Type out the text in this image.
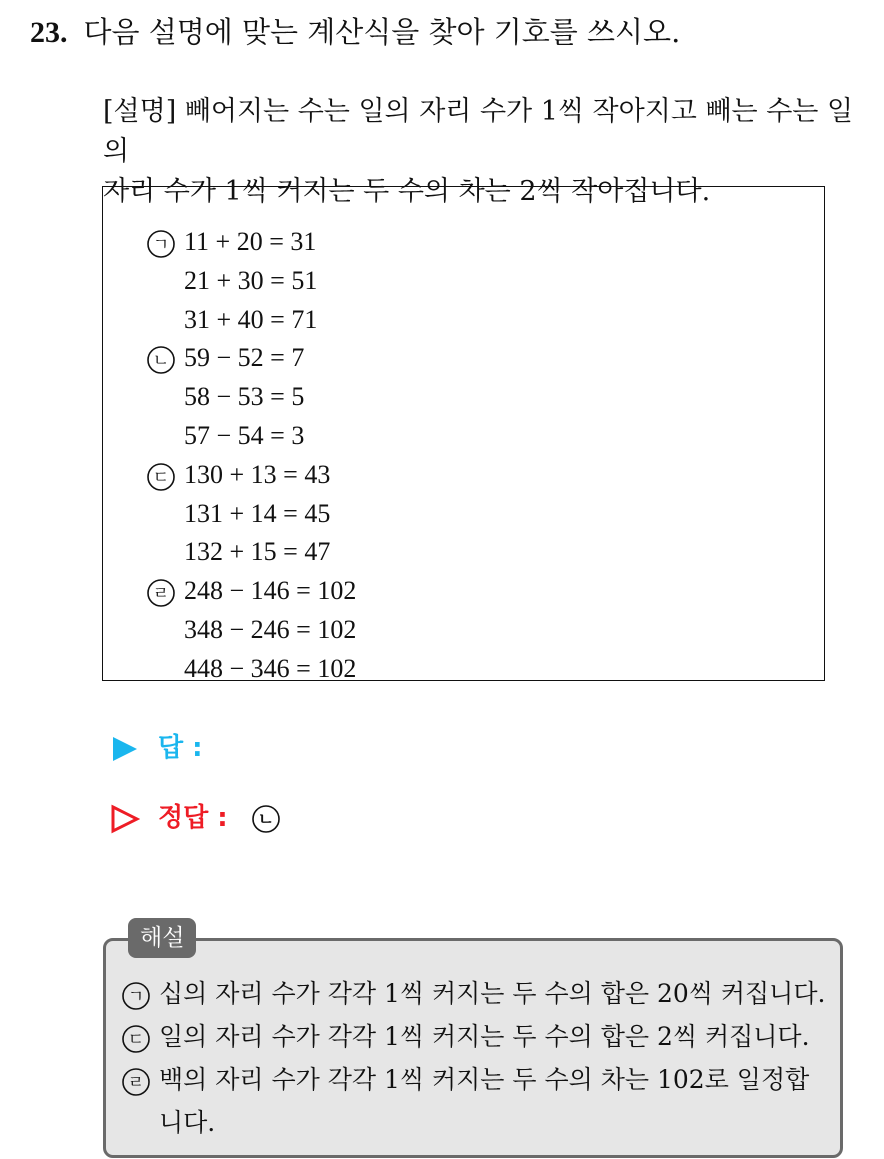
23. 다음 설명에 맞는 계산식을 찾아 기호를 쓰시오.
[설명] 빼어지는 수는 일의 자리 수가 1씩 작아지고 빼는 수는 일의
자리 수가 1씩 커지는 두 수의 차는 2씩 작아집니다.
ㄱ 11 + 20 = 31
21 + 30 = 51
31 + 40 = 71
ㄴ 59 − 52 = 7
58 − 53 = 5
57 − 54 = 3
ㄷ 130 + 13 = 43
131 + 14 = 45
132 + 15 = 47
ㄹ 248 − 146 = 102
348 − 246 = 102
448 − 346 = 102
답 :
정답 : ㄴ
해설
ㄱ 십의 자리 수가 각각 1씩 커지는 두 수의 합은 20씩 커집니다.
ㄷ 일의 자리 수가 각각 1씩 커지는 두 수의 합은 2씩 커집니다.
ㄹ 백의 자리 수가 각각 1씩 커지는 두 수의 차는 102로 일정합
니다.
